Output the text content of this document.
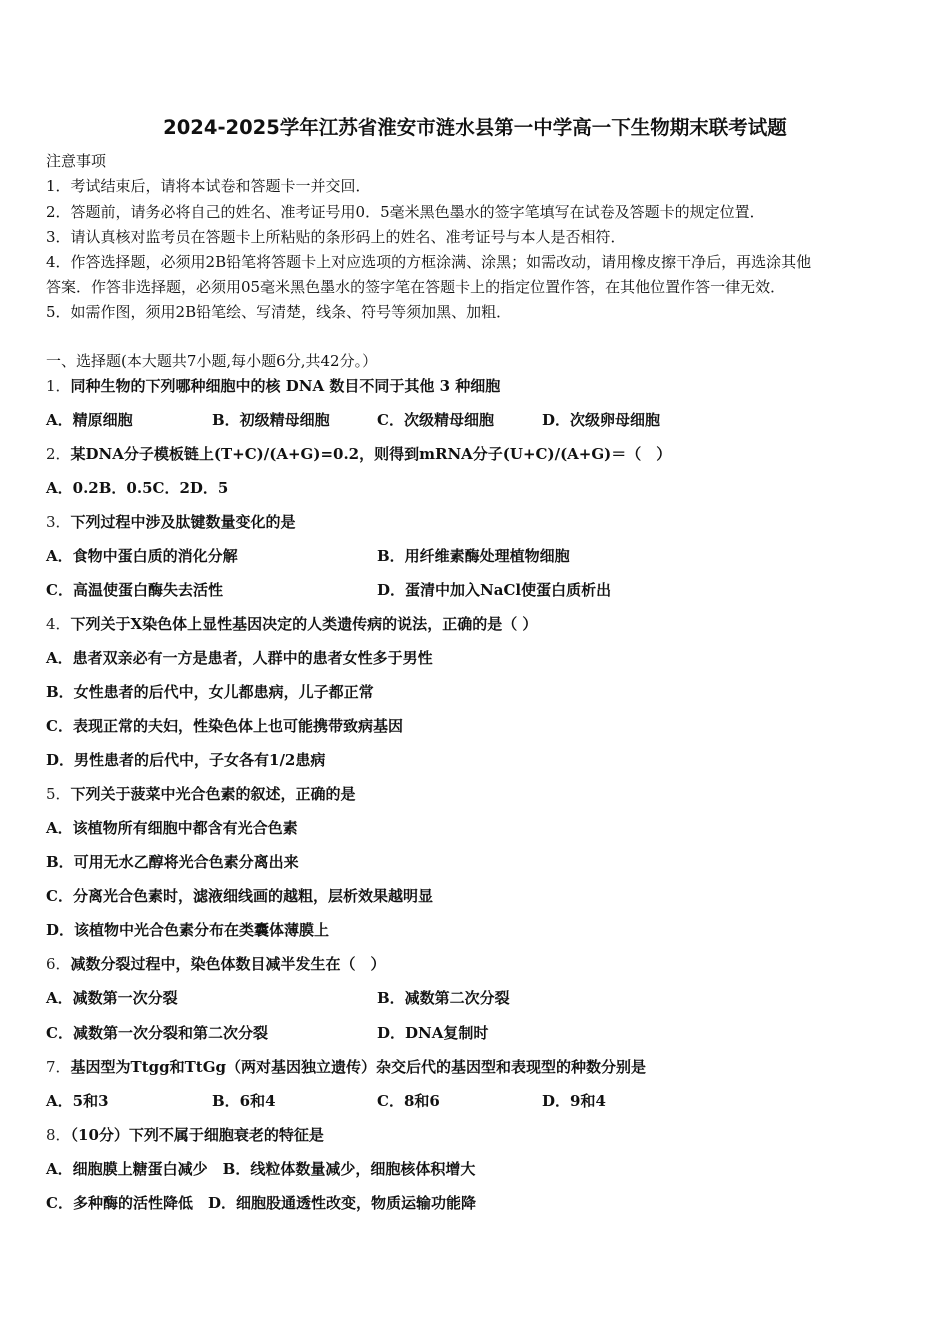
2024-2025学年江苏省淮安市涟水县第一中学高一下生物期末联考试题
注意事项
1．考试结束后，请将本试卷和答题卡一并交回．
2．答题前，请务必将自己的姓名、准考证号用0．5毫米黑色墨水的签字笔填写在试卷及答题卡的规定位置．
3．请认真核对监考员在答题卡上所粘贴的条形码上的姓名、准考证号与本人是否相符．
4．作答选择题，必须用2B铅笔将答题卡上对应选项的方框涂满、涂黑；如需改动，请用橡皮擦干净后，再选涂其他
答案．作答非选择题，必须用05毫米黑色墨水的签字笔在答题卡上的指定位置作答，在其他位置作答一律无效．
5．如需作图，须用2B铅笔绘、写清楚，线条、符号等须加黑、加粗．
一、选择题(本大题共7小题,每小题6分,共42分。）
1．同种生物的下列哪种细胞中的核 DNA 数目不同于其他 3 种细胞
A．精原细胞	B．初级精母细胞	C．次级精母细胞	D．次级卵母细胞
2．某DNA分子模板链上(T+C)/(A+G)=0.2，则得到mRNA分子(U+C)/(A+G)＝（　）
A．0.2B．0.5C．2D．5
3．下列过程中涉及肽键数量变化的是
A．食物中蛋白质的消化分解	B．用纤维素酶处理植物细胞
C．高温使蛋白酶失去活性	D．蛋清中加入NaCl使蛋白质析出
4．下列关于X染色体上显性基因决定的人类遗传病的说法，正确的是（ ）
A．患者双亲必有一方是患者，人群中的患者女性多于男性
B．女性患者的后代中，女儿都患病，儿子都正常
C．表现正常的夫妇，性染色体上也可能携带致病基因
D．男性患者的后代中，子女各有1/2患病
5．下列关于菠菜中光合色素的叙述，正确的是
A．该植物所有细胞中都含有光合色素
B．可用无水乙醇将光合色素分离出来
C．分离光合色素时，滤液细线画的越粗，层析效果越明显
D．该植物中光合色素分布在类囊体薄膜上
6．减数分裂过程中，染色体数目减半发生在（　）
A．减数第一次分裂	B．减数第二次分裂
C．减数第一次分裂和第二次分裂	D．DNA复制时
7．基因型为Ttgg和TtGg（两对基因独立遗传）杂交后代的基因型和表现型的种数分别是
A．5和3	B．6和4	C．8和6	D．9和4
8．（10分）下列不属于细胞衰老的特征是
A．细胞膜上糖蛋白减少　B．线粒体数量减少，细胞核体积增大
C．多种酶的活性降低　D．细胞股通透性改变，物质运输功能降
